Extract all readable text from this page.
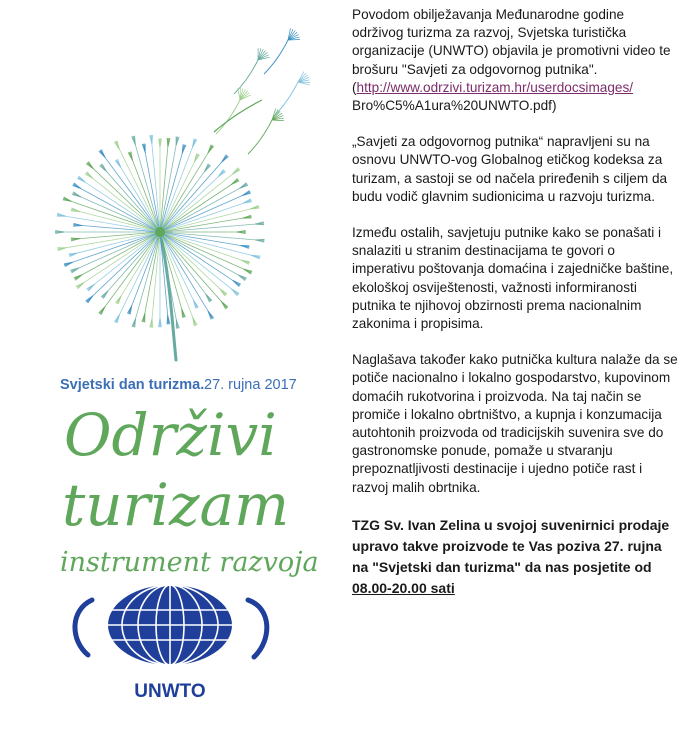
Svjetski dan turizma. 27. rujna 2017
Održivi
turizam
instrument razvoja
UNWTO

Povodom obilježavanja Međunarodne godine održivog turizma za razvoj, Svjetska turistička organizacije (UNWTO) objavila je promotivni video te brošuru "Savjeti za odgovornog putnika". (http://www.odrzivi.turizam.hr/userdocsimages/
Bro%C5%A1ura%20UNWTO.pdf)

„Savjeti za odgovornog putnika“ napravljeni su na osnovu UNWTO-vog Globalnog etičkog kodeksa za turizam, a sastoji se od načela priređenih s ciljem da budu vodič glavnim sudionicima u razvoju turizma.

Između ostalih, savjetuju putnike kako se ponašati i snalaziti u stranim destinacijama te govori o imperativu poštovanja domaćina i zajedničke baštine, ekološkoj osviještenosti, važnosti informiranosti putnika te njihovoj obzirnosti prema nacionalnim zakonima i propisima.

Naglašava također kako putnička kultura nalaže da se potiče nacionalno i lokalno gospodarstvo, kupovinom domaćih rukotvorina i proizvoda. Na taj način se promiče i lokalno obrtništvo, a kupnja i konzumacija autohtonih proizvoda od tradicijskih suvenira sve do gastronomske ponude, pomaže u stvaranju prepoznatljivosti destinacije i ujedno potiče rast i razvoj malih obrtnika.

TZG Sv. Ivan Zelina u svojoj suvenirnici prodaje upravo takve proizvode te Vas poziva 27. rujna na "Svjetski dan turizma" da nas posjetite od 08.00-20.00 sati
